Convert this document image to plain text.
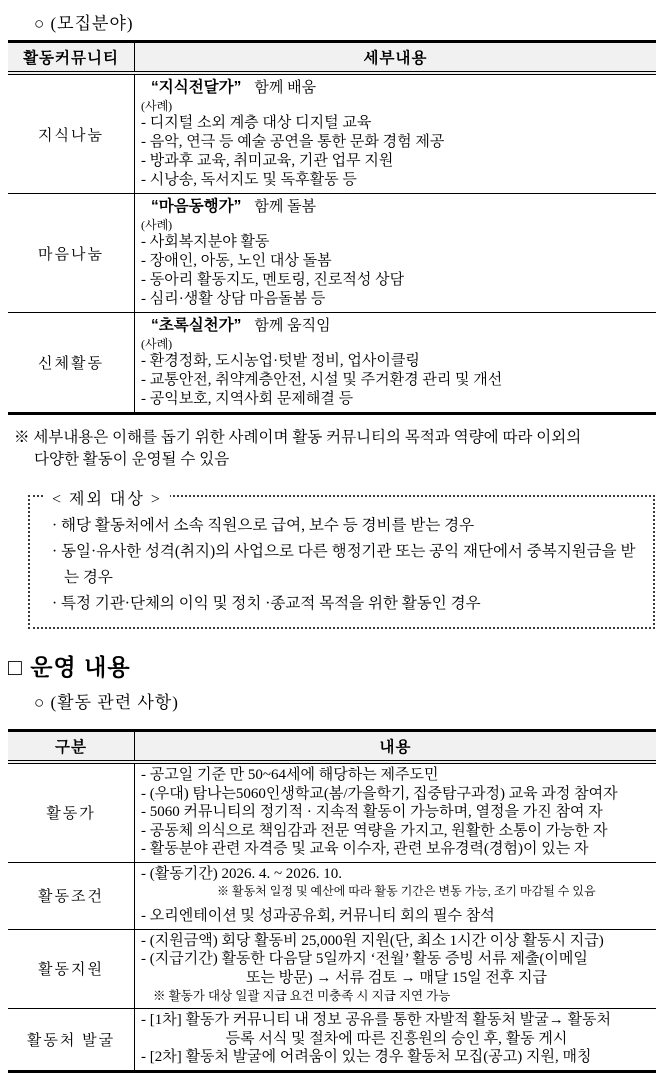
○ (모집분야)
활동커뮤니티	세부내용
지식나눔
“지식전달가” 함께 배움
(사례)
- 디지털 소외 계층 대상 디지털 교육
- 음악, 연극 등 예술 공연을 통한 문화 경험 제공
- 방과후 교육, 취미교육, 기관 업무 지원
- 시낭송, 독서지도 및 독후활동 등
마음나눔
“마음동행가” 함께 돌봄
(사례)
- 사회복지분야 활동
- 장애인, 아동, 노인 대상 돌봄
- 동아리 활동지도, 멘토링, 진로적성 상담
- 심리·생활 상담 마음돌봄 등
신체활동
“초록실천가” 함께 움직임
(사례)
- 환경정화, 도시농업·텃밭 정비, 업사이클링
- 교통안전, 취약계층안전, 시설 및 주거환경 관리 및 개선
- 공익보호, 지역사회 문제해결 등
※ 세부내용은 이해를 돕기 위한 사례이며 활동 커뮤니티의 목적과 역량에 따라 이외의
다양한 활동이 운영될 수 있음
< 제외 대상 >
· 해당 활동처에서 소속 직원으로 급여, 보수 등 경비를 받는 경우
· 동일·유사한 성격(취지)의 사업으로 다른 행정기관 또는 공익 재단에서 중복지원금을 받는 경우
· 특정 기관·단체의 이익 및 정치 ·종교적 목적을 위한 활동인 경우
□ 운영 내용
○ (활동 관련 사항)
구분	내용
활동가
- 공고일 기준 만 50~64세에 해당하는 제주도민
- (우대) 탐나는5060인생학교(봄/가을학기, 집중탐구과정) 교육 과정 참여자
- 5060 커뮤니티의 정기적 · 지속적 활동이 가능하며, 열정을 가진 참여 자
- 공동체 의식으로 책임감과 전문 역량을 가지고, 원활한 소통이 가능한 자
- 활동분야 관련 자격증 및 교육 이수자, 관련 보유경력(경험)이 있는 자
활동조건
- (활동기간) 2026. 4. ~ 2026. 10.
※ 활동처 일정 및 예산에 따라 활동 기간은 변동 가능, 조기 마감될 수 있음
- 오리엔테이션 및 성과공유회, 커뮤니티 회의 필수 참석
활동지원
- (지원금액) 회당 활동비 25,000원 지원(단, 최소 1시간 이상 활동시 지급)
- (지급기간) 활동한 다음달 5일까지 ‘전월’ 활동 증빙 서류 제출(이메일
또는 방문) → 서류 검토 → 매달 15일 전후 지급
※ 활동가 대상 일괄 지급 요건 미충족 시 지급 지연 가능
활동처 발굴
- [1차] 활동가 커뮤니티 내 정보 공유를 통한 자발적 활동처 발굴→ 활동처
등록 서식 및 절차에 따른 진흥원의 승인 후, 활동 게시
- [2차] 활동처 발굴에 어려움이 있는 경우 활동처 모집(공고) 지원, 매칭
